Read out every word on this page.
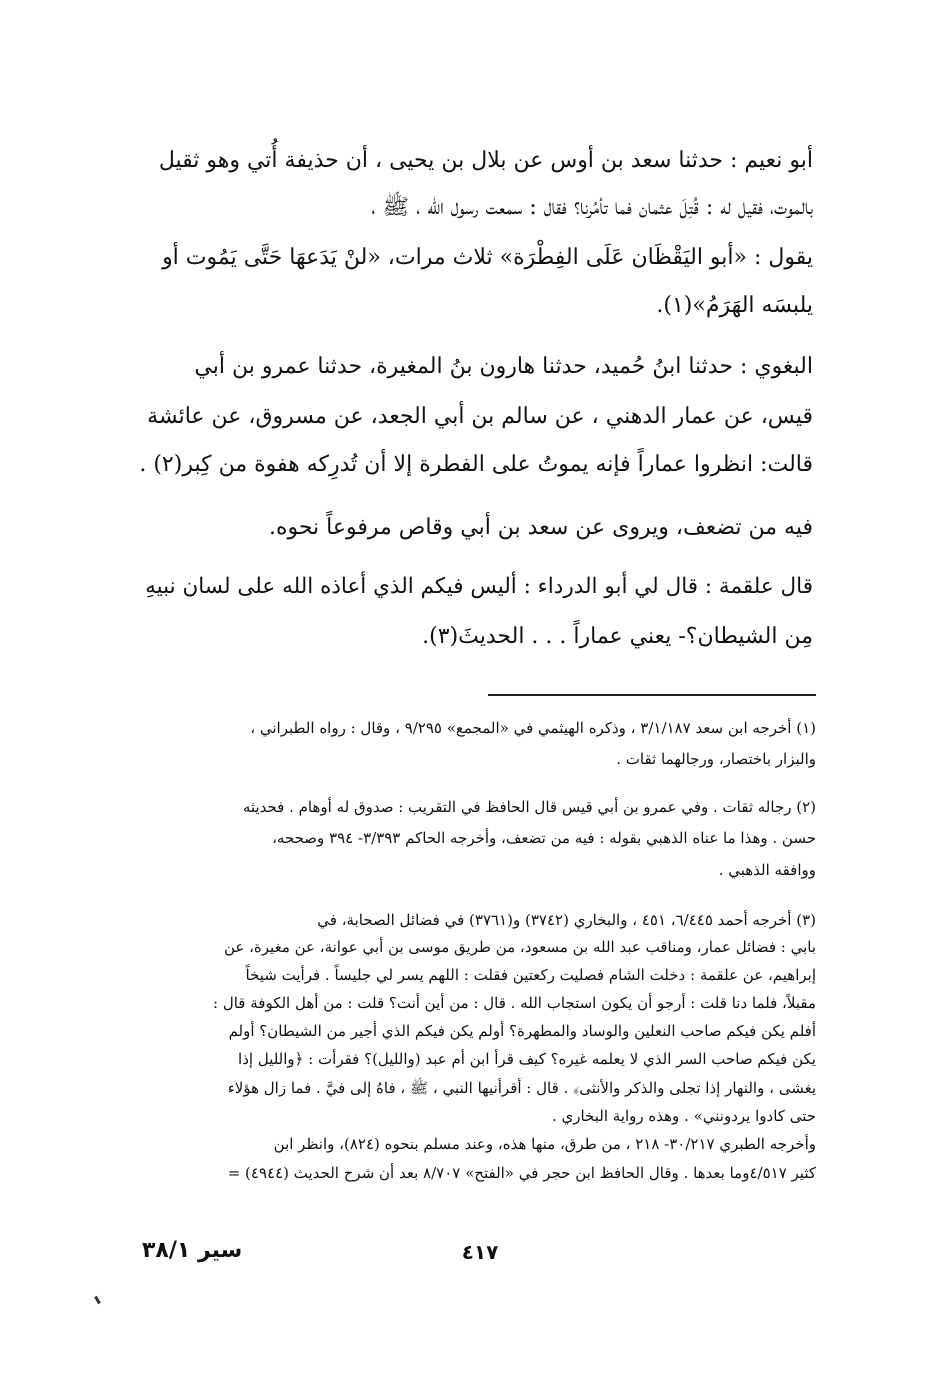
أبو نعيم : حدثنا سعد بن أوس عن بلال بن يحيى ، أن حذيفة أُتي وهو ثقيل
بالموت، فقيل له : قُتِلَ عثمان فما تأمُرنا؟ فقال : سمعت رسول الله ، ﷺ ،
يقول : «أبو اليَقْظَان عَلَى الفِطْرَة» ثلاث مرات، «لنْ يَدَعهَا حَتَّى يَمُوت أو
يلبسَه الهَرَمُ»(١).
البغوي : حدثنا ابنُ حُميد، حدثنا هارون بنُ المغيرة، حدثنا عمرو بن أبي
قيس، عن عمار الدهني ، عن سالم بن أبي الجعد، عن مسروق، عن عائشة
قالت: انظروا عماراً فإنه يموتُ على الفطرة إلا أن تُدرِكه هفوة من كِبر(٢) .
فيه من تضعف، ويروى عن سعد بن أبي وقاص مرفوعاً نحوه.
قال علقمة : قال لي أبو الدرداء : أليس فيكم الذي أعاذه الله على لسان نبيهِ
مِن الشيطان؟- يعني عماراً . . . الحديثَ(٣).
(١) أخرجه ابن سعد ٣/١/١٨٧ ، وذكره الهيثمي في «المجمع» ٩/٢٩٥ ، وقال : رواه الطبراني ،
والبزار باختصار، ورجالهما ثقات .
(٢) رجاله ثقات . وفي عمرو بن أبي قيس قال الحافظ في التقريب : صدوق له أوهام . فحديثه
حسن . وهذا ما عناه الذهبي بقوله : فيه من تضعف، وأخرجه الحاكم ٣/٣٩٣- ٣٩٤ وصححه،
ووافقه الذهبي .
(٣) أخرجه أحمد ٦/٤٤٥، ٤٥١ ، والبخاري (٣٧٤٢) و(٣٧٦١) في فضائل الصحابة، في
بابي : فضائل عمار، ومناقب عبد الله بن مسعود، من طريق موسى بن أبي عوانة، عن مغيرة، عن
إبراهيم، عن علقمة : دخلت الشام فصليت ركعتين فقلت : اللهم يسر لي جليساً . فرأيت شيخاً
مقبلاً، فلما دنا قلت : أرجو أن يكون استجاب الله . قال : من أين أنت؟ قلت : من أهل الكوفة قال :
أفلم يكن فيكم صاحب النعلين والوساد والمطهرة؟ أولم يكن فيكم الذي أجير من الشيطان؟ أولم
يكن فيكم صاحب السر الذي لا يعلمه غيره؟ كيف قرأ ابن أم عبد (والليل)؟ فقرأت : ﴿والليل إذا
يغشى ، والنهار إذا تجلى والذكر والأنثى﴾ . قال : أقرأنيها النبي ، ﷺ ، فاهُ إلى فيَّ . فما زال هؤلاء
حتى كادوا يردونني» . وهذه رواية البخاري .
وأخرجه الطبري ٣٠/٢١٧- ٢١٨ ، من طرق، منها هذه، وعند مسلم بنحوه (٨٢٤)، وانظر ابن
كثير ٤/٥١٧وما بعدها . وقال الحافظ ابن حجر في «الفتح» ٨/٧٠٧ بعد أن شرح الحديث (٤٩٤٤) =
٤١٧
سير ٣٨/١
